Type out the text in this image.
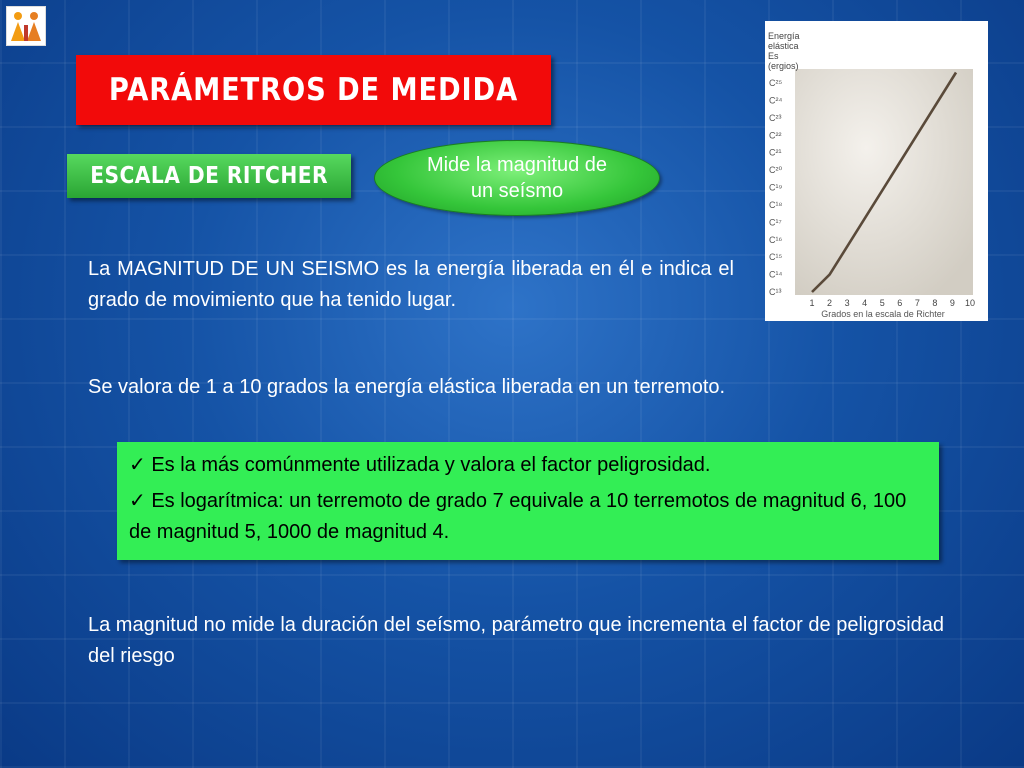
PARÁMETROS DE MEDIDA
ESCALA DE RITCHER	Mide la magnitud de un seísmo
La MAGNITUD DE UN SEISMO es la energía liberada en él e indica el grado de movimiento que ha tenido lugar.
Se valora de 1 a 10 grados la energía elástica liberada en un terremoto.
✓ Es la más comúnmente utilizada y valora el factor peligrosidad.
✓ Es logarítmica: un terremoto de grado 7 equivale a 10 terremotos de magnitud 6, 100 de magnitud 5, 1000 de magnitud 4.
La magnitud no mide la duración del seísmo, parámetro que incrementa el factor de peligrosidad del riesgo
Energía
elástica
Es
(ergios)
C¹³
C¹⁴
C¹⁵
C¹⁶
C¹⁷
C¹⁸
C¹⁹
C²⁰
C²¹
C²²
C²³
C²⁴
C²⁵
1 2 3 4 5 6 7 8 9 10
Grados en la escala de Richter
